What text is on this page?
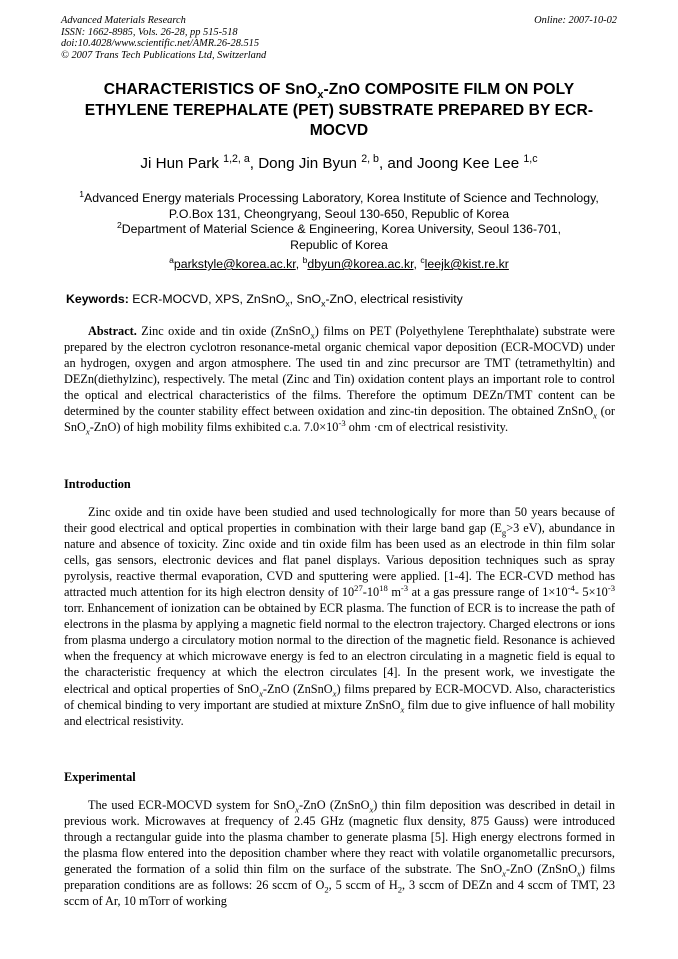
Advanced Materials Research
ISSN: 1662-8985, Vols. 26-28, pp 515-518
doi:10.4028/www.scientific.net/AMR.26-28.515
© 2007 Trans Tech Publications Ltd, Switzerland
Online: 2007-10-02
CHARACTERISTICS OF SnO$_x$-ZnO COMPOSITE FILM ON POLY ETHYLENE TEREPHALATE (PET) SUBSTRATE PREPARED BY ECR-MOCVD
Ji Hun Park $^{1,2, a}$, Dong Jin Byun $^{2, b}$, and Joong Kee Lee $^{1,c}$
$^1$Advanced Energy materials Processing Laboratory, Korea Institute of Science and Technology,
P.O.Box 131, Cheongryang, Seoul 130-650, Republic of Korea
$^2$Department of Material Science & Engineering, Korea University, Seoul 136-701,
Republic of Korea
$^a$parkstyle@korea.ac.kr, $^b$dbyun@korea.ac.kr, $^c$leejk@kist.re.kr
Keywords: ECR-MOCVD, XPS, ZnSnO$_x$, SnO$_x$-ZnO, electrical resistivity

Abstract. Zinc oxide and tin oxide (ZnSnO$_x$) films on PET (Polyethylene Terephthalate) substrate were prepared by the electron cyclotron resonance-metal organic chemical vapor deposition (ECR-MOCVD) under an hydrogen, oxygen and argon atmosphere. The used tin and zinc precursor are TMT (tetramethyltin) and DEZn(diethylzinc), respectively. The metal (Zinc and Tin) oxidation content plays an important role to control the optical and electrical characteristics of the films. Therefore the optimum DEZn/TMT content can be determined by the counter stability effect between oxidation and zinc-tin deposition. The obtained ZnSnO$_x$ (or SnO$_x$-ZnO) of high mobility films exhibited c.a. $7.0\times 10^{-3}$ ohm ·cm of electrical resistivity.

Introduction

Zinc oxide and tin oxide have been studied and used technologically for more than 50 years because of their good electrical and optical properties in combination with their large band gap ($E_g>3$ eV), abundance in nature and absence of toxicity. Zinc oxide and tin oxide film has been used as an electrode in thin film solar cells, gas sensors, electronic devices and flat panel displays. Various deposition techniques such as spray pyrolysis, reactive thermal evaporation, CVD and sputtering were applied. [1-4]. The ECR-CVD method has attracted much attention for its high electron density of $10^{27}-10^{18}$ $m^{-3}$ at a gas pressure range of $1\times 10^{-4}-$ $5\times 10^{-3}$ torr. Enhancement of ionization can be obtained by ECR plasma. The function of ECR is to increase the path of electrons in the plasma by applying a magnetic field normal to the electron trajectory. Charged electrons or ions from plasma undergo a circulatory motion normal to the direction of the magnetic field. Resonance is achieved when the frequency at which microwave energy is fed to an electron circulating in a magnetic field is equal to the characteristic frequency at which the electron circulates [4]. In the present work, we investigate the electrical and optical properties of SnO$_x$-ZnO (ZnSnO$_x$) films prepared by ECR-MOCVD. Also, characteristics of chemical binding to very important are studied at mixture ZnSnO$_x$ film due to give influence of hall mobility and electrical resistivity.

Experimental

The used ECR-MOCVD system for SnO$_x$-ZnO (ZnSnO$_x$) thin film deposition was described in detail in previous work. Microwaves at frequency of 2.45 GHz (magnetic flux density, 875 Gauss) were introduced through a rectangular guide into the plasma chamber to generate plasma [5]. High energy electrons formed in the plasma flow entered into the deposition chamber where they react with volatile organometallic precursors, generated the formation of a solid thin film on the surface of the substrate. The SnO$_x$-ZnO (ZnSnO$_x$) films preparation conditions are as follows: 26 sccm of $O_2$, 5 sccm of $H_2$, 3 sccm of DEZn and 4 sccm of TMT, 23 sccm of Ar, 10 mTorr of working
